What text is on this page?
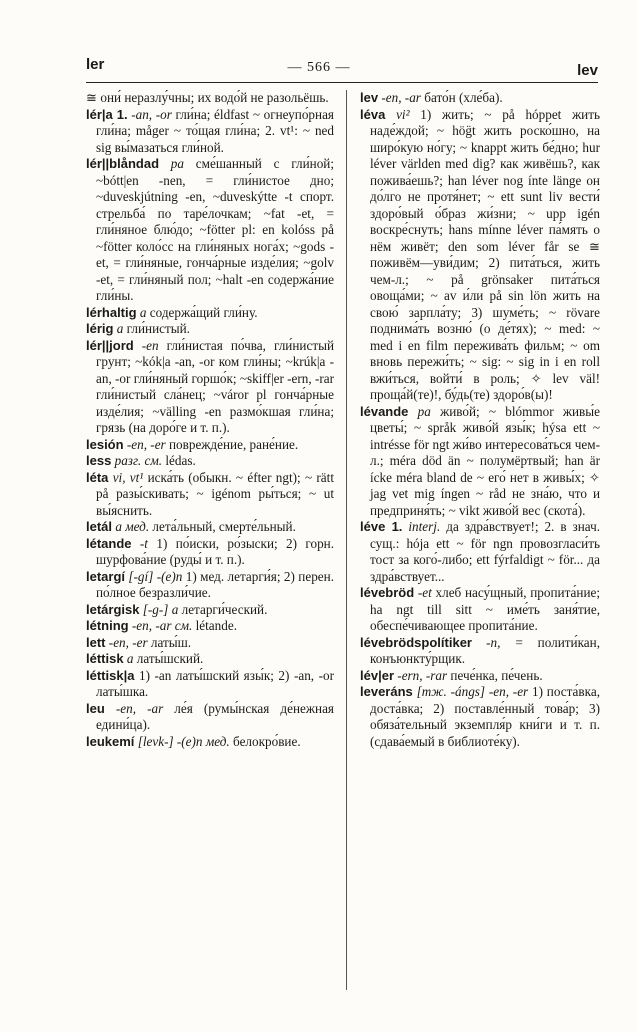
ler	— 566 —	lev

≅ они́ неразлу́чны; их водо́й не разольёшь.

lér|a 1. -an, -or гли́на; éldfast ~ огнеупо́рная гли́на; måger ~ то́щая гли́на; 2. vt¹: ~ ned sig вы́мазаться гли́ной.

lér||blåndad pa сме́шанный с гли́ной; ~bótt|en -nen, = гли́нистое дно; ~duveskjútning -en, ~duveskýtte -t спорт. стрельба́ по таре́лочкам; ~fat -et, = гли́няное блю́до; ~fötter pl: en kolóss på ~fötter коло́сс на гли́няных нога́х; ~gods -et, = гли́няные, гонча́рные изде́лия; ~golv -et, = гли́няный пол; ~halt -en содержа́ние гли́ны.

lérhaltig a содержа́щий гли́ну.

lérig a гли́нистый.

lér||jord -en гли́нистая по́чва, гли́нистый грунт; ~kók|a -an, -or ком гли́ны; ~krúk|a -an, -or гли́няный горшо́к; ~skiff|er -ern, -rar гли́нистый сла́нец; ~váror pl гонча́рные изде́лия; ~välling -en размо́кшая гли́на; грязь (на доро́ге и т. п.).

lesión -en, -er поврежде́ние, ране́ние.

less разг. см. lédas.

léta vi, vt¹ иска́ть (обыкн. ~ éfter ngt); ~ rätt på разы́скивать; ~ igénom ры́ться; ~ ut вы́яснить.

letál a мед. лета́льный, смерте́льный.

létande -t 1) по́иски, ро́зыски; 2) горн. шурфова́ние (руды́ и т. п.).

letargí [-gí] -(e)n 1) мед. летарги́я; 2) перен. по́лное безразли́чие.

letárgisk [-g-] a летарги́ческий.

létning -en, -ar см. létande.

lett -en, -er латы́ш.

léttisk a латы́шский.

léttisk|a 1) -an латы́шский язы́к; 2) -an, -or латы́шка.

leu -en, -ar ле́я (румы́нская де́нежная едини́ца).

leukemí [levk-] -(e)n мед. белокро́вие.

lev -en, -ar бато́н (хле́ба).

léva vi² 1) жить; ~ på hóppet жить наде́ждой; ~ hög̈t жить роско́шно, на широ́кую но́гу; ~ knappt жить бе́дно; hur léver världen med dig? как живёшь?, как пожива́ешь?; han léver nog ínte länge он до́лго не протя́нет; ~ ett sunt liv вести́ здоро́вый о́браз жи́зни; ~ upp igén воскре́снуть; hans mínne léver па́мять о нём живёт; den som léver får se ≅ поживём—уви́дим; 2) пита́ться, жить чем-л.; ~ på grönsaker пита́ться овоща́ми; ~ av и́ли på sin lön жить на свою́ зарпла́ту; 3) шуме́ть; ~ rövare поднима́ть возню́ (о де́тях); ~ med: ~ med i en film пережива́ть фильм; ~ om вновь пережи́ть; ~ sig: ~ sig in i en roll вжи́ться, войти́ в роль; ✧ lev väl! проща́й(те)!, бу́дь(те) здоро́в(ы)!

lévande pa живо́й; ~ blómmor живы́е цветы́; ~ språk живо́й язы́к; hýsa ett ~ intrésse för ngt жи́во интересова́ться чем-л.; méra död än ~ полумёртвый; han är ícke méra bland de ~ его́ нет в живы́х; ✧ jag vet mig íngen ~ råd не зна́ю, что и предприня́ть; ~ vikt живо́й вес (скота́).

léve 1. interj. да здра́вствует!; 2. в знач. сущ.: hója ett ~ för ngn провозгласи́ть тост за кого́-либо; ett fýrfaldigt ~ för... да здра́вствует...

lévebröd -et хлеб насу́щный, пропита́ние; ha ngt till sitt ~ име́ть заня́тие, обеспе́чивающее пропита́ние.

lévebrödspolítiker -n, = полити́кан, конъюнкту́рщик.

lév|er -ern, -rar пече́нка, пе́чень.

leveráns [тж. -ángs] -en, -er 1) поста́вка, доста́вка; 2) поставле́нный това́р; 3) обяза́тельный экземпля́р кни́ги и т. п. (сдава́емый в библиоте́ку).
